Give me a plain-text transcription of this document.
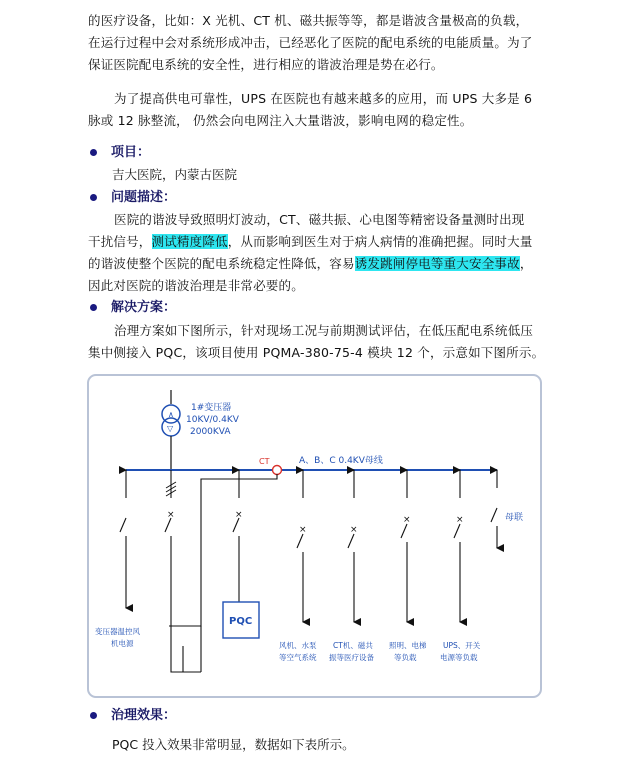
的医疗设备，比如：X 光机、CT 机、磁共振等等，都是谐波含量极高的负载，
在运行过程中会对系统形成冲击，已经恶化了医院的配电系统的电能质量。为了
保证医院配电系统的安全性，进行相应的谐波治理是势在必行。
为了提高供电可靠性，UPS 在医院也有越来越多的应用，而 UPS 大多是 6
脉或 12 脉整流， 仍然会向电网注入大量谐波，影响电网的稳定性。
项目：
吉大医院，内蒙古医院
问题描述：
医院的谐波导致照明灯波动，CT、磁共振、心电图等精密设备量测时出现
干扰信号，测试精度降低，从而影响到医生对于病人病情的准确把握。同时大量
的谐波使整个医院的配电系统稳定性降低，容易诱发跳闸停电等重大安全事故，
因此对医院的谐波治理是非常必要的。
解决方案：
治理方案如下图所示，针对现场工况与前期测试评估，在低压配电系统低压
集中侧接入 PQC，该项目使用 PQMA-380-75-4 模块 12 个，示意如下图所示。
∧
▽
1#变压器
10KV/0.4KV
2000KVA
A、B、C 0.4KV母线
CT
变压器温控风
机电源
×	×
PQC
×
风机、水泵
等空气系统
×
CT机、磁共
振等医疗设备
×
照明、电梯
等负载
×
UPS、开关
电源等负载
母联
治理效果：
PQC 投入效果非常明显，数据如下表所示。
